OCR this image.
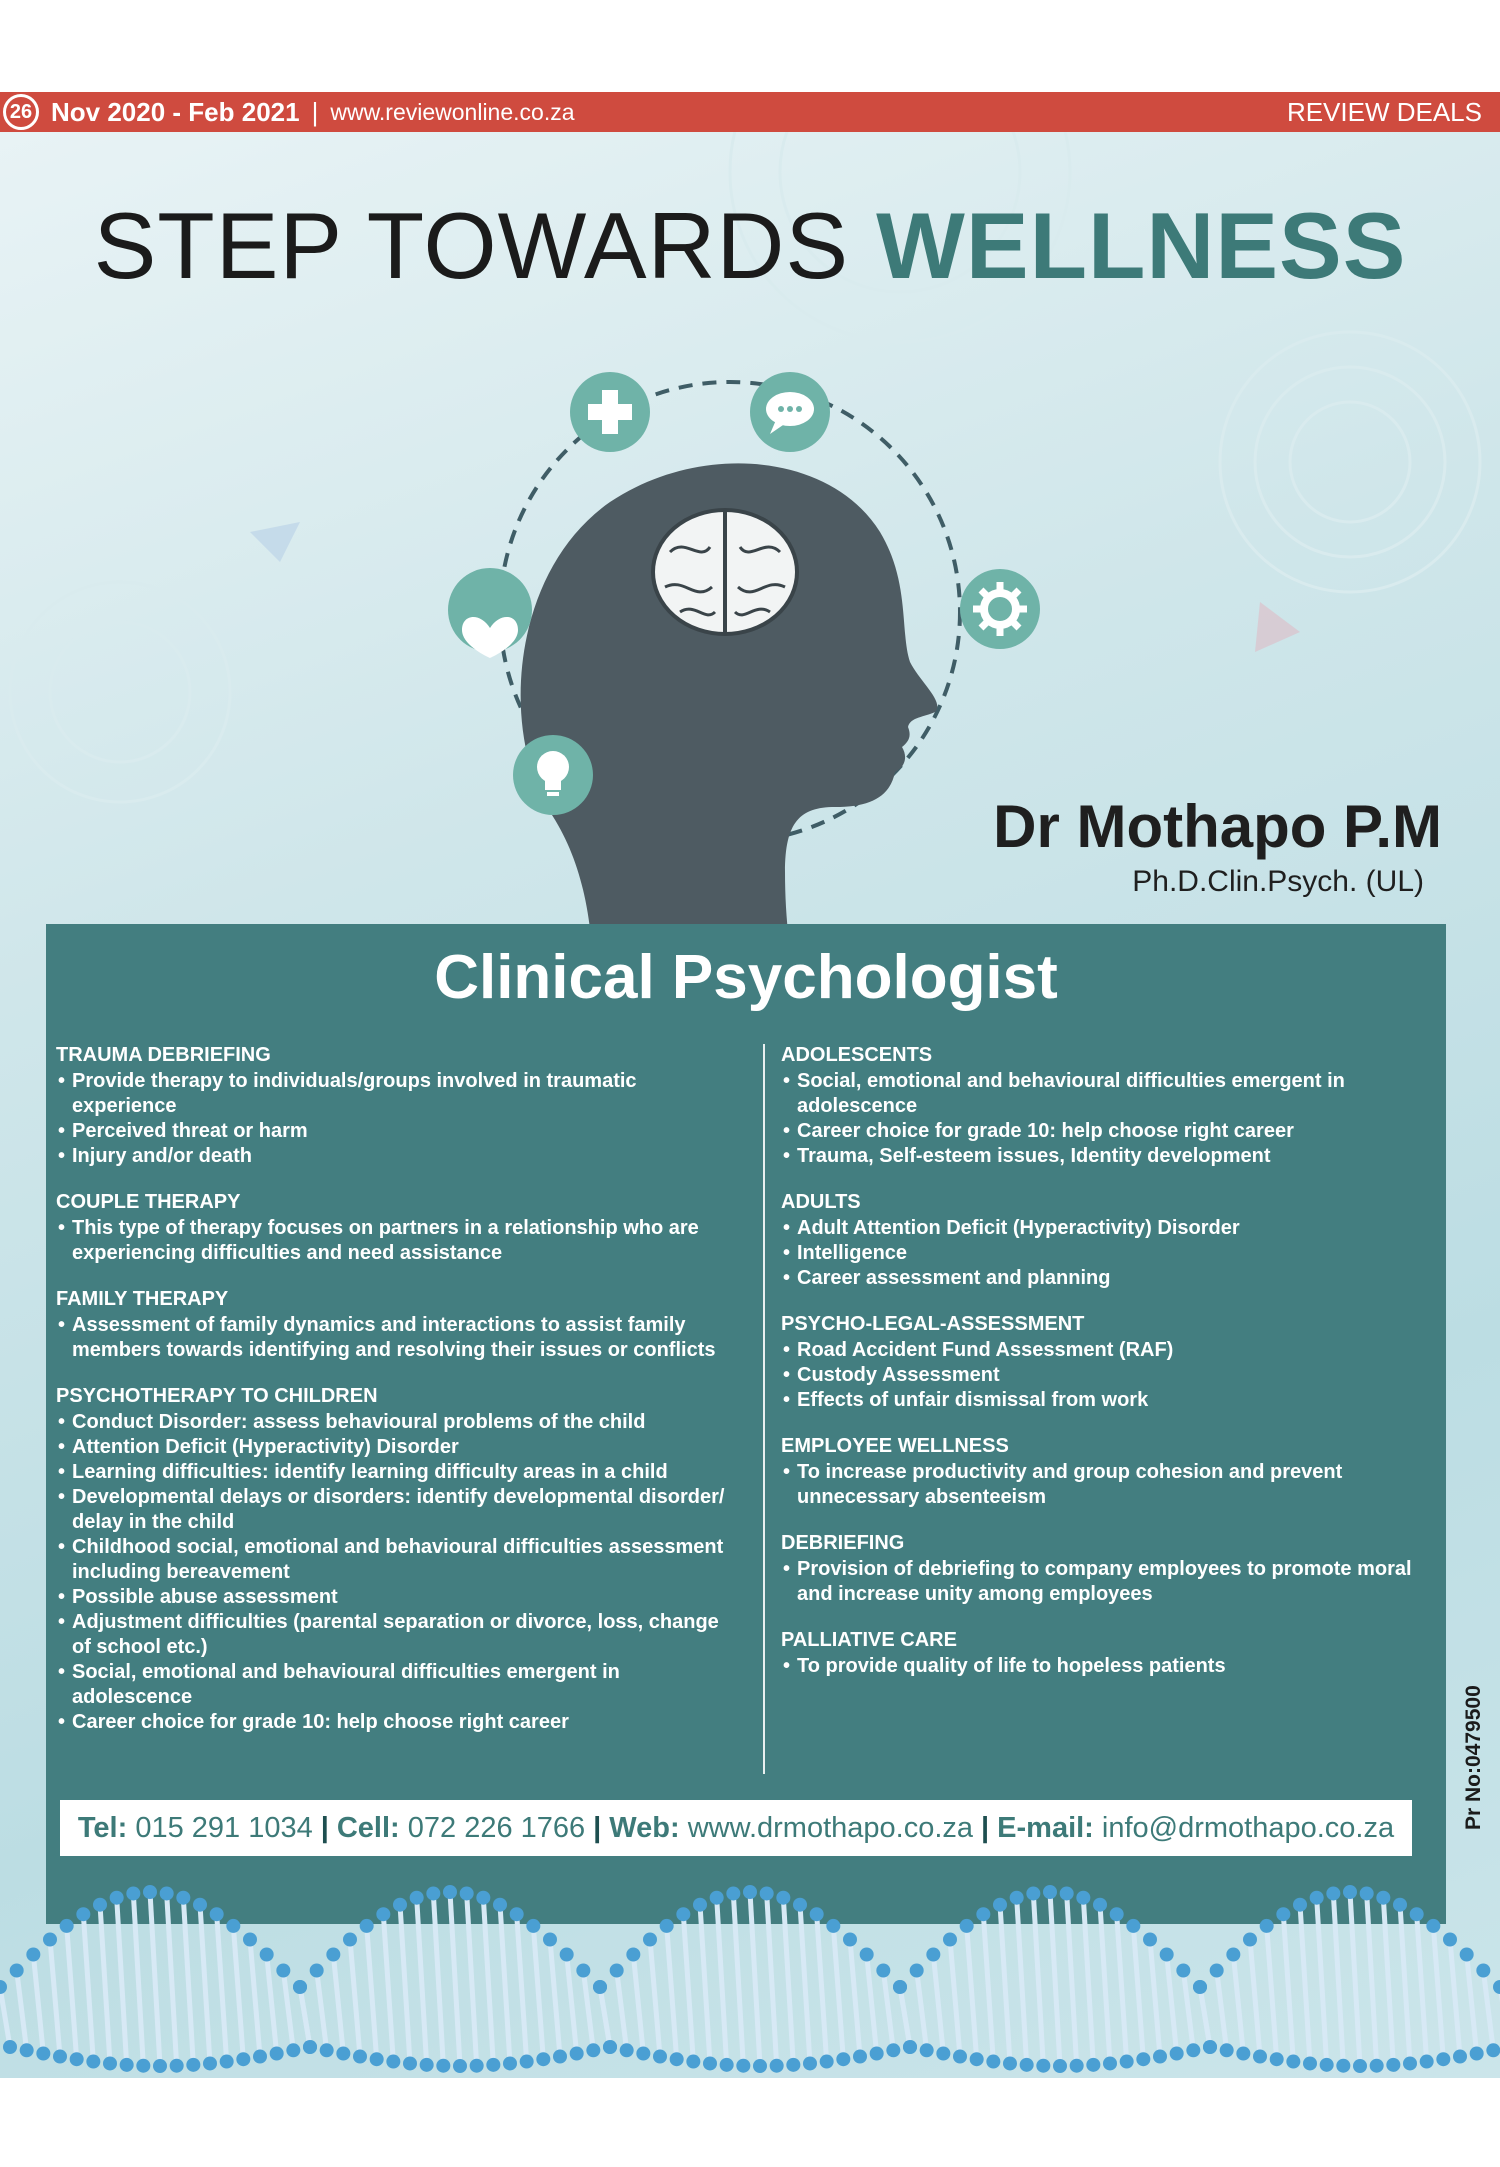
26 Nov 2020 - Feb 2021 | www.reviewonline.co.za	REVIEW DEALS
STEP TOWARDS WELLNESS
Dr Mothapo P.M
Ph.D.Clin.Psych. (UL)
Clinical Psychologist
TRAUMA DEBRIEFING
• Provide therapy to individuals/groups involved in traumatic experience
• Perceived threat or harm
• Injury and/or death
COUPLE THERAPY
• This type of therapy focuses on partners in a relationship who are experiencing difficulties and need assistance
FAMILY THERAPY
• Assessment of family dynamics and interactions to assist family members towards identifying and resolving their issues or conflicts
PSYCHOTHERAPY TO CHILDREN
• Conduct Disorder: assess behavioural problems of the child
• Attention Deficit (Hyperactivity) Disorder
• Learning difficulties: identify learning difficulty areas in a child
• Developmental delays or disorders: identify developmental disorder/ delay in the child
• Childhood social, emotional and behavioural difficulties assessment including bereavement
• Possible abuse assessment
• Adjustment difficulties (parental separation or divorce, loss, change of school etc.)
• Social, emotional and behavioural difficulties emergent in adolescence
• Career choice for grade 10: help choose right career
ADOLESCENTS
• Social, emotional and behavioural difficulties emergent in adolescence
• Career choice for grade 10: help choose right career
• Trauma, Self-esteem issues, Identity development
ADULTS
• Adult Attention Deficit (Hyperactivity) Disorder
• Intelligence
• Career assessment and planning
PSYCHO-LEGAL-ASSESSMENT
• Road Accident Fund Assessment (RAF)
• Custody Assessment
• Effects of unfair dismissal from work
EMPLOYEE WELLNESS
• To increase productivity and group cohesion and prevent unnecessary absenteeism
DEBRIEFING
• Provision of debriefing to company employees to promote moral and increase unity among employees
PALLIATIVE CARE
• To provide quality of life to hopeless patients
Tel:
015 291 1034 | Cell:
072 226 1766 | Web:
www.drmothapo.co.za | E-mail:
info@drmothapo.co.za	Pr No:0479500
